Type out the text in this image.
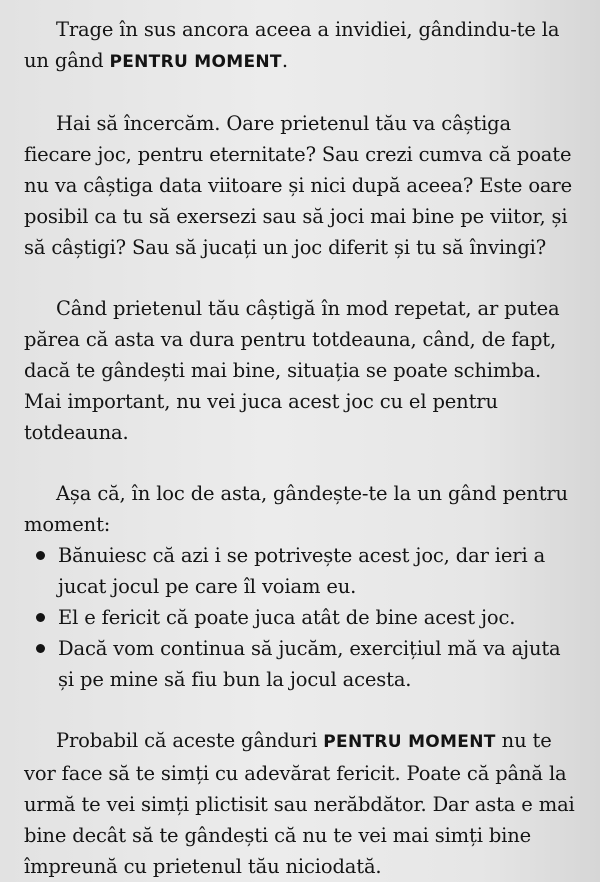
Trage în sus ancora aceea a invidiei, gândindu-te la un gând PENTRU MOMENT.

Hai să încercăm. Oare prietenul tău va câștiga fiecare joc, pentru eternitate? Sau crezi cumva că poate nu va câștiga data viitoare și nici după aceea? Este oare posibil ca tu să exersezi sau să joci mai bine pe viitor, și să câștigi? Sau să jucați un joc diferit și tu să învingi?

Când prietenul tău câștigă în mod repetat, ar putea părea că asta va dura pentru totdeauna, când, de fapt, dacă te gândești mai bine, situația se poate schimba. Mai important, nu vei juca acest joc cu el pentru totdeauna.

Așa că, în loc de asta, gândește-te la un gând pentru moment:

Bănuiesc că azi i se potrivește acest joc, dar ieri a jucat jocul pe care îl voiam eu.
El e fericit că poate juca atât de bine acest joc.
Dacă vom continua să jucăm, exercițiul mă va ajuta și pe mine să fiu bun la jocul acesta.

Probabil că aceste gânduri PENTRU MOMENT nu te vor face să te simți cu adevărat fericit. Poate că până la urmă te vei simți plictisit sau nerăbdător. Dar asta e mai bine decât să te gândești că nu te vei mai simți bine împreună cu prietenul tău niciodată.
